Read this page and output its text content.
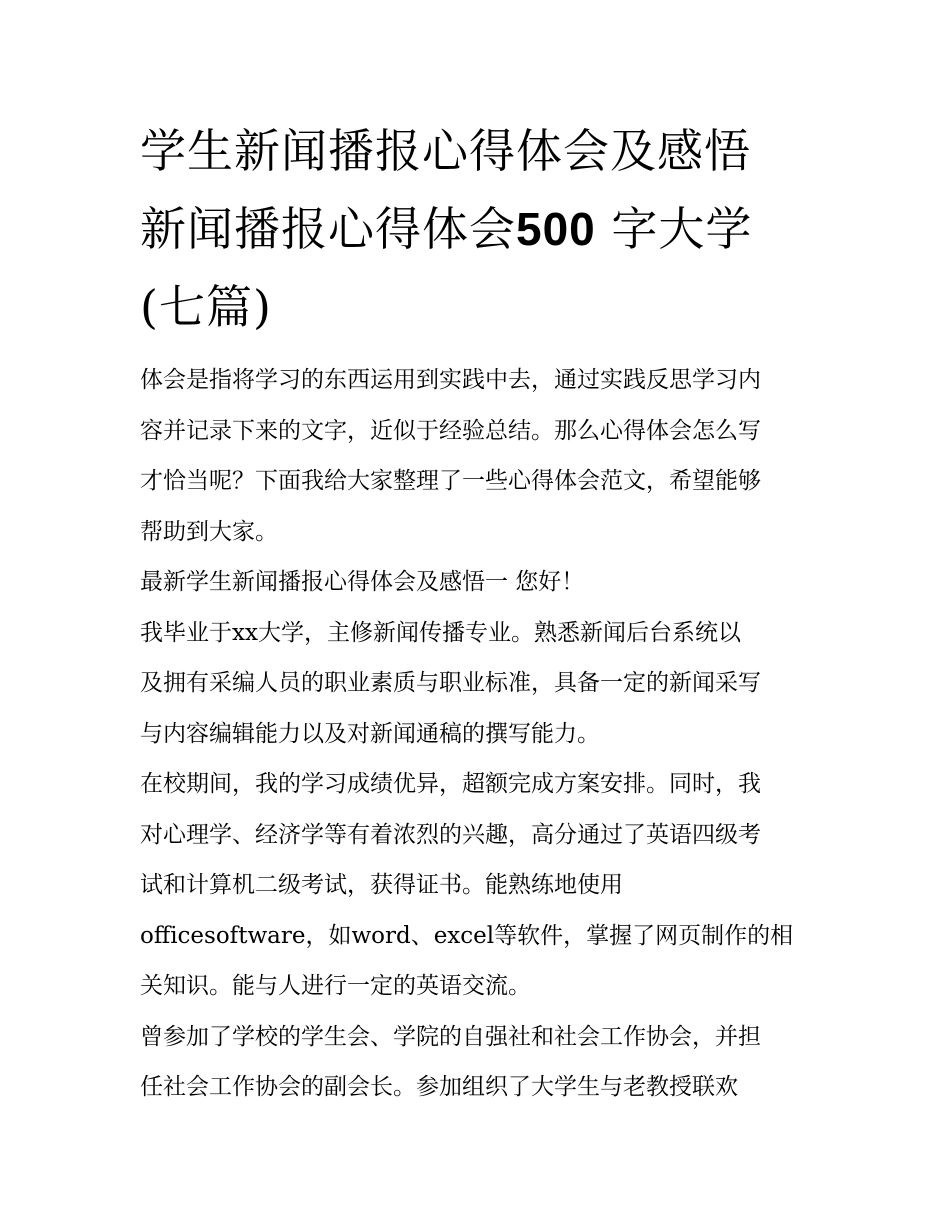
学生新闻播报心得体会及感悟
新闻播报心得体会500 字大学
(七篇)

体会是指将学习的东西运用到实践中去，通过实践反思学习内
容并记录下来的文字，近似于经验总结。那么心得体会怎么写
才恰当呢？下面我给大家整理了一些心得体会范文，希望能够
帮助到大家。

最新学生新闻播报心得体会及感悟一 您好！

我毕业于xx大学，主修新闻传播专业。熟悉新闻后台系统以
及拥有采编人员的职业素质与职业标准，具备一定的新闻采写
与内容编辑能力以及对新闻通稿的撰写能力。

在校期间，我的学习成绩优异，超额完成方案安排。同时，我
对心理学、经济学等有着浓烈的兴趣，高分通过了英语四级考
试和计算机二级考试，获得证书。能熟练地使用
officesoftware，如word、excel等软件，掌握了网页制作的相
关知识。能与人进行一定的英语交流。

曾参加了学校的学生会、学院的自强社和社会工作协会，并担
任社会工作协会的副会长。参加组织了大学生与老教授联欢
